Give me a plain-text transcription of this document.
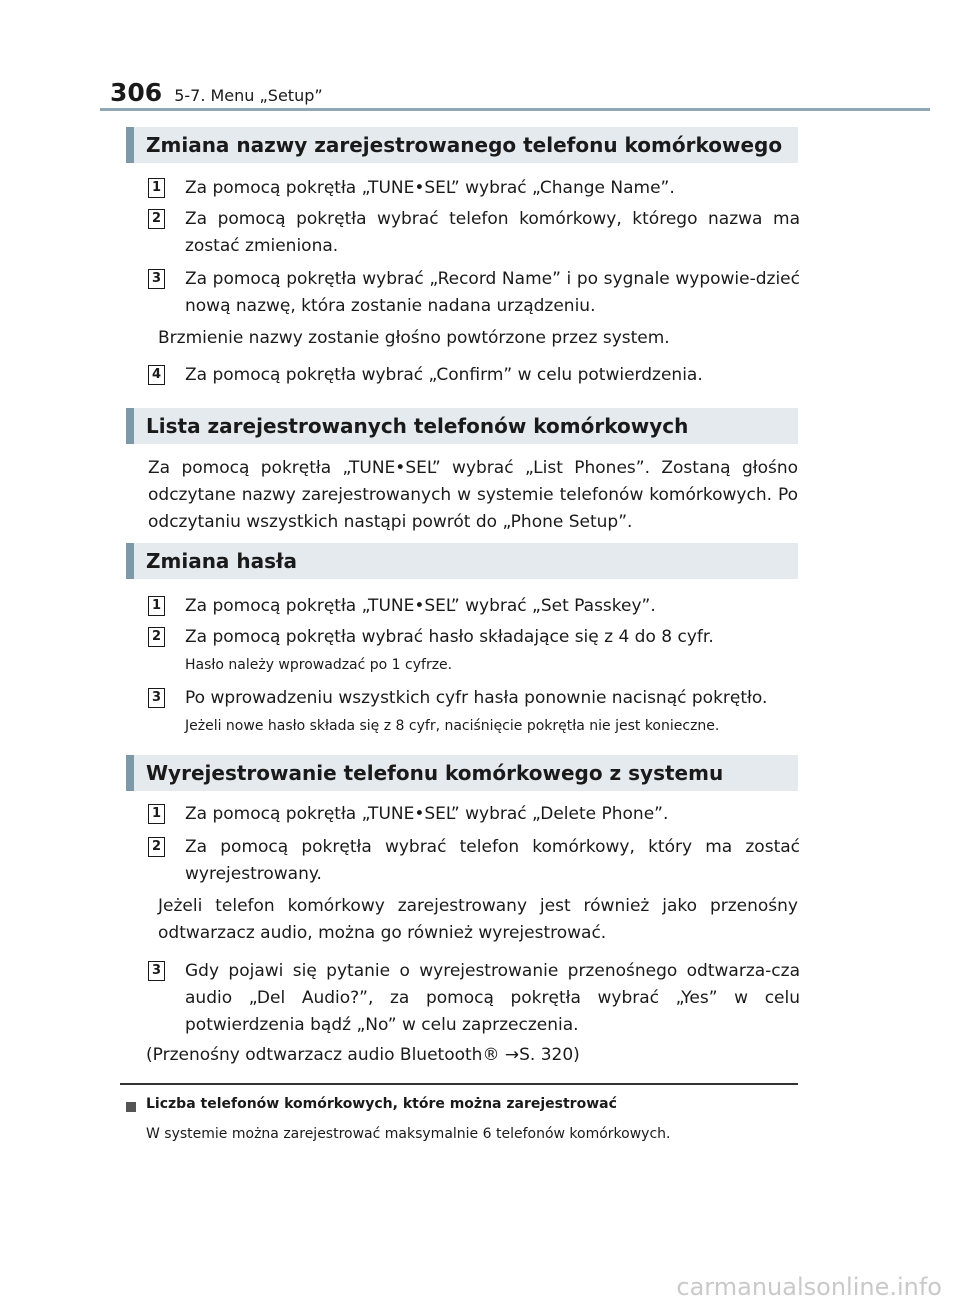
306 5-7. Menu „Setup”
Zmiana nazwy zarejestrowanego telefonu komórkowego
1 Za pomocą pokrętła „TUNE•SEL” wybrać „Change Name”.
2 Za pomocą pokrętła wybrać telefon komórkowy, którego nazwa ma zostać zmieniona.
3 Za pomocą pokrętła wybrać „Record Name” i po sygnale wypowie-dzieć nową nazwę, która zostanie nadana urządzeniu.
Brzmienie nazwy zostanie głośno powtórzone przez system.
4 Za pomocą pokrętła wybrać „Confirm” w celu potwierdzenia.
Lista zarejestrowanych telefonów komórkowych
Za pomocą pokrętła „TUNE•SEL” wybrać „List Phones”. Zostaną głośno odczytane nazwy zarejestrowanych w systemie telefonów komórkowych. Po odczytaniu wszystkich nastąpi powrót do „Phone Setup”.
Zmiana hasła
1 Za pomocą pokrętła „TUNE•SEL” wybrać „Set Passkey”.
2 Za pomocą pokrętła wybrać hasło składające się z 4 do 8 cyfr.
Hasło należy wprowadzać po 1 cyfrze.
3 Po wprowadzeniu wszystkich cyfr hasła ponownie nacisnąć pokrętło.
Jeżeli nowe hasło składa się z 8 cyfr, naciśnięcie pokrętła nie jest konieczne.
Wyrejestrowanie telefonu komórkowego z systemu
1 Za pomocą pokrętła „TUNE•SEL” wybrać „Delete Phone”.
2 Za pomocą pokrętła wybrać telefon komórkowy, który ma zostać wyrejestrowany.
Jeżeli telefon komórkowy zarejestrowany jest również jako przenośny odtwarzacz audio, można go również wyrejestrować.
3 Gdy pojawi się pytanie o wyrejestrowanie przenośnego odtwarza-cza audio „Del Audio?”, za pomocą pokrętła wybrać „Yes” w celu potwierdzenia bądź „No” w celu zaprzeczenia.
(Przenośny odtwarzacz audio Bluetooth® →S. 320)
Liczba telefonów komórkowych, które można zarejestrować
W systemie można zarejestrować maksymalnie 6 telefonów komórkowych.
carmanualsonline.info
